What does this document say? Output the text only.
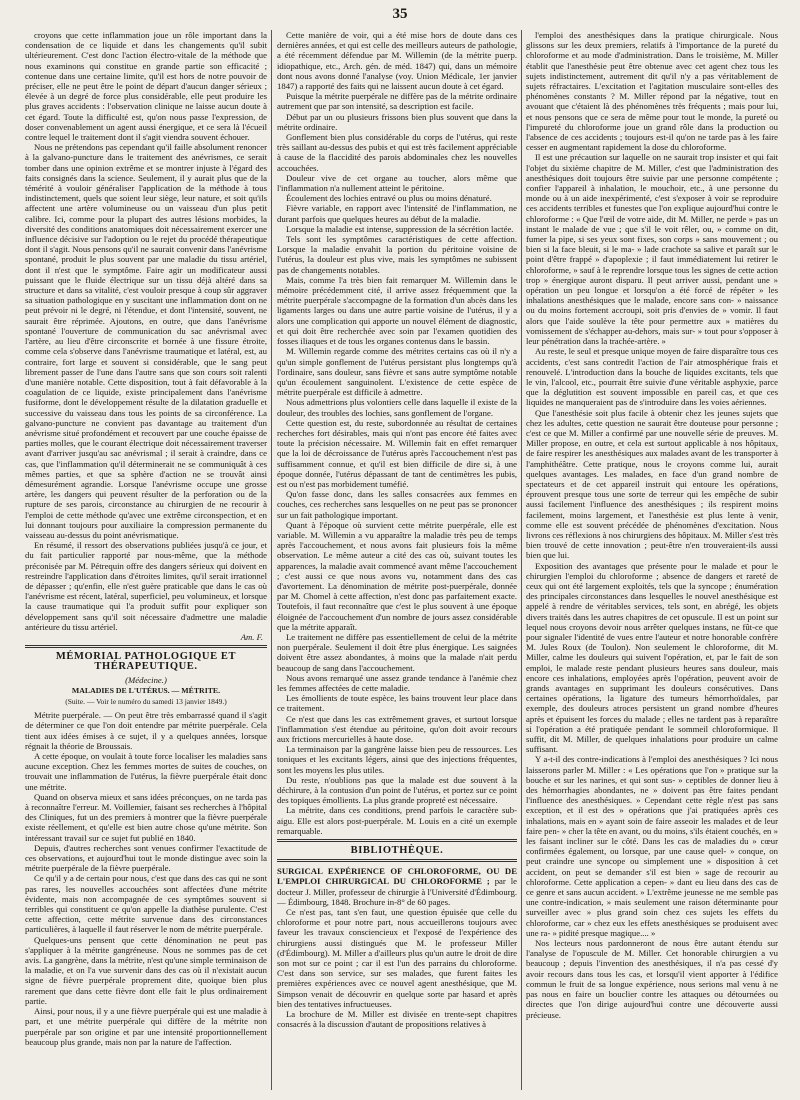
35

croyons que cette inflammation joue un rôle important dans la condensation de ce liquide et dans les changements qu'il subit ultérieurement. C'est donc l'action électro-vitale de la méthode que nous examinons qui constitue en grande partie son efficacité ; contenue dans une certaine limite, qu'il est hors de notre pouvoir de préciser, elle ne peut être le point de départ d'aucun danger sérieux ; élevée à un degré de force plus considérable, elle peut produire les plus graves accidents : l'observation clinique ne laisse aucun doute à cet égard. Toute la difficulté est, qu'on nous passe l'expression, de doser convenablement un agent aussi énergique, et ce sera là l'écueil contre lequel le traitement dont il s'agit viendra souvent échouer.

Nous ne prétendons pas cependant qu'il faille absolument renoncer à la galvano-puncture dans le traitement des anévrismes, ce serait tomber dans une opinion extrême et se montrer injuste à l'égard des faits consignés dans la science. Seulement, il y aurait plus que de la témérité à vouloir généraliser l'application de la méthode à tous indistinctement, quels que soient leur siège, leur nature, et soit qu'ils affectent une artère volumineuse ou un vaisseau d'un plus petit calibre. Ici, comme pour la plupart des autres lésions morbides, la diversité des conditions anatomiques doit nécessairement exercer une influence décisive sur l'adoption ou le rejet du procédé thérapeutique dont il s'agit. Nous pensons qu'il ne saurait convenir dans l'anévrisme spontané, produit le plus souvent par une maladie du tissu artériel, dont il n'est que le symptôme. Faire agir un modificateur aussi puissant que le fluide électrique sur un tissu déjà altéré dans sa structure et dans sa vitalité, c'est vouloir presque à coup sûr aggraver sa situation pathologique en y suscitant une inflammation dont on ne peut prévoir ni le degré, ni l'étendue, et dont l'intensité, souvent, ne saurait être réprimée. Ajoutons, en outre, que dans l'anévrisme spontané l'ouverture de communication du sac anévrismal avec l'artère, au lieu d'être circonscrite et bornée à une fissure étroite, comme cela s'observe dans l'anévrisme traumatique et latéral, est, au contraire, fort large et souvent si considérable, que le sang peut librement passer de l'une dans l'autre sans que son cours soit ralenti d'une manière notable. Cette disposition, tout à fait défavorable à la coagulation de ce liquide, existe principalement dans l'anévrisme fusiforme, dont le développement résulte de la dilatation graduelle et successive du vaisseau dans tous les points de sa circonférence. La galvano-puncture ne convient pas davantage au traitement d'un anévrisme situé profondément et recouvert par une couche épaisse de parties molles, que le courant électrique doit nécessairement traverser avant d'arriver jusqu'au sac anévrismal ; il serait à craindre, dans ce cas, que l'inflammation qu'il déterminerait ne se communiquât à ces mêmes parties, et que sa sphère d'action ne se trouvât ainsi démesurément agrandie. Lorsque l'anévrisme occupe une grosse artère, les dangers qui peuvent résulter de la perforation ou de la rupture de ses parois, circonstance au chirurgien de ne recourir à l'emploi de cette méthode qu'avec une extrême circonspection, et en lui donnant toujours pour auxiliaire la compression permanente du vaisseau au-dessus du point anévrismatique.

En résumé, il ressort des observations publiées jusqu'à ce jour, et du fait particulier rapporté par nous-même, que la méthode préconisée par M. Pétrequin offre des dangers sérieux qui doivent en restreindre l'application dans d'étroites limites, qu'il serait irrationnel de dépasser ; qu'enfin, elle n'est guère praticable que dans le cas où l'anévrisme est récent, latéral, superficiel, peu volumineux, et lorsque la cause traumatique qui l'a produit suffit pour expliquer son développement sans qu'il soit nécessaire d'admettre une maladie antérieure du tissu artériel.

Am. F.
MÉMORIAL PATHOLOGIQUE ET THÉRAPEUTIQUE.
(Médecine.)
MALADIES DE L'UTÉRUS. — MÉTRITE.
(Suite. — Voir le numéro du samedi 13 janvier 1849.)

Métrite puerpérale. — On peut être très embarrassé quand il s'agit de déterminer ce que l'on doit entendre par métrite puerpérale. Cela tient aux idées émises à ce sujet, il y a quelques années, lorsque régnait la théorie de Broussais.

A cette époque, on voulait à toute force localiser les maladies sans aucune exception. Chez les femmes mortes de suites de couches, on trouvait une inflammation de l'utérus, la fièvre puerpérale était donc une métrite.

Quand on observa mieux et sans idées préconçues, on ne tarda pas à reconnaître l'erreur. M. Voillemier, faisant ses recherches à l'hôpital des Cliniques, fut un des premiers à montrer que la fièvre puerpérale existe réellement, et qu'elle est bien autre chose qu'une métrite. Son intéressant travail sur ce sujet fut publié en 1840.

Depuis, d'autres recherches sont venues confirmer l'exactitude de ces observations, et aujourd'hui tout le monde distingue avec soin la métrite puerpérale de la fièvre puerpérale.

Ce qu'il y a de certain pour nous, c'est que dans des cas qui ne sont pas rares, les nouvelles accouchées sont affectées d'une métrite évidente, mais non accompagnée de ces symptômes souvent si terribles qui constituent ce qu'on appelle la diathèse purulente. C'est cette affection, cette métrite survenue dans des circonstances particulières, à laquelle il faut réserver le nom de métrite puerpérale.

Quelques-uns pensent que cette dénomination ne peut pas s'appliquer à la métrite gangréneuse. Nous ne sommes pas de cet avis. La gangrène, dans la métrite, n'est qu'une simple terminaison de la maladie, et on l'a vue survenir dans des cas où il n'existait aucun signe de fièvre puerpérale proprement dite, quoique bien plus rarement que dans cette fièvre dont elle fait le plus ordinairement partie.

Ainsi, pour nous, il y a une fièvre puerpérale qui est une maladie à part, et une métrite puerpérale qui diffère de la métrite non puerpérale par son origine et par une intensité proportionnellement beaucoup plus grande, mais non par la nature de l'affection.

Cette manière de voir, qui a été mise hors de doute dans ces dernières années, et qui est celle des meilleurs auteurs de pathologie, a été récemment défendue par M. Willemin (de la métrite puerp. idiopathique, etc., Arch. gén. de méd. 1847) qui, dans un mémoire dont nous avons donné l'analyse (voy. Union Médicale, 1er janvier 1847) a rapporté des faits qui ne laissent aucun doute à cet égard.

Puisque la métrite puerpérale ne diffère pas de la métrite ordinaire autrement que par son intensité, sa description est facile.

Début par un ou plusieurs frissons bien plus souvent que dans la métrite ordinaire.

Gonflement bien plus considérable du corps de l'utérus, qui reste très saillant au-dessus des pubis et qui est très facilement appréciable à cause de la flaccidité des parois abdominales chez les nouvelles accouchées.

Douleur vive de cet organe au toucher, alors même que l'inflammation n'a nullement atteint le péritoine.

Écoulement des lochies entravé ou plus ou moins dénaturé.

Fièvre variable, en rapport avec l'intensité de l'inflammation, ne durant parfois que quelques heures au début de la maladie.

Lorsque la maladie est intense, suppression de la sécrétion lactée.

Tels sont les symptômes caractéristiques de cette affection. Lorsque la maladie envahit la portion du péritoine voisine de l'utérus, la douleur est plus vive, mais les symptômes ne subissent pas de changements notables.

Mais, comme l'a très bien fait remarquer M. Willemin dans le mémoire précédemment cité, il arrive assez fréquemment que la métrite puerpérale s'accompagne de la formation d'un abcès dans les ligaments larges ou dans une autre partie voisine de l'utérus, il y a alors une complication qui apporte un nouvel élément de diagnostic, et qui doit être recherchée avec soin par l'examen quotidien des fosses iliaques et de tous les organes contenus dans le bassin.

M. Willemin regarde comme des métrites certains cas où il n'y a qu'un simple gonflement de l'utérus persistant plus longtemps qu'à l'ordinaire, sans douleur, sans fièvre et sans autre symptôme notable qu'un écoulement sanguinolent. L'existence de cette espèce de métrite puerpérale est difficile à admettre.

Nous admettrions plus volontiers celle dans laquelle il existe de la douleur, des troubles des lochies, sans gonflement de l'organe.

Cette question est, du reste, subordonnée au résultat de certaines recherches fort désirables, mais qui n'ont pas encore été faites avec toute la précision nécessaire. M. Willemin fait en effet remarquer que la loi de décroissance de l'utérus après l'accouchement n'est pas suffisamment connue, et qu'il est bien difficile de dire si, à une époque donnée, l'utérus dépassant de tant de centimètres les pubis, est ou n'est pas morbidement tuméfié.

Qu'on fasse donc, dans les salles consacrées aux femmes en couches, ces recherches sans lesquelles on ne peut pas se prononcer sur un fait pathologique important.

Quant à l'époque où survient cette métrite puerpérale, elle est variable. M. Willemin a vu apparaître la maladie très peu de temps après l'accouchement, et nous avons fait plusieurs fois la même observation. Le même auteur a cité des cas où, suivant toutes les apparences, la maladie avait commencé avant même l'accouchement ; c'est aussi ce que nous avons vu, notamment dans des cas d'avortement. La dénomination de métrite post-puerpérale, donnée par M. Chomel à cette affection, n'est donc pas parfaitement exacte. Toutefois, il faut reconnaître que c'est le plus souvent à une époque éloignée de l'accouchement d'un nombre de jours assez considérable que la métrite apparaît.

Le traitement ne diffère pas essentiellement de celui de la métrite non puerpérale. Seulement il doit être plus énergique. Les saignées doivent être assez abondantes, à moins que la malade n'ait perdu beaucoup de sang dans l'accouchement.

Nous avons remarqué une assez grande tendance à l'anémie chez les femmes affectées de cette maladie.

Les émollients de toute espèce, les bains trouvent leur place dans ce traitement.

Ce n'est que dans les cas extrêmement graves, et surtout lorsque l'inflammation s'est étendue au péritoine, qu'on doit avoir recours aux frictions mercurielles à haute dose.

La terminaison par la gangrène laisse bien peu de ressources. Les toniques et les excitants légers, ainsi que des injections fréquentes, sont les moyens les plus utiles.

Du reste, n'oublions pas que la malade est due souvent à la déchirure, à la contusion d'un point de l'utérus, et portez sur ce point des topiques émollients. La plus grande propreté est nécessaire.

La métrite, dans ces conditions, prend parfois le caractère sub-aigu. Elle est alors post-puerpérale. M. Louis en a cité un exemple remarquable.

BIBLIOTHÈQUE.

SURGICAL EXPÉRIENCE OF CHLOROFORME, OU DE L'EMPLOI CHIRURGICAL DU CHLOROFORME ; par le docteur J. Miller, professeur de chirurgie à l'Université d'Édimbourg. — Édimbourg, 1848. Brochure in-8° de 60 pages.

Ce n'est pas, tant s'en faut, une question épuisée que celle du chloroforme et pour notre part, nous accueillerons toujours avec faveur les travaux consciencieux et l'exposé de l'expérience des chirurgiens aussi distingués que M. le professeur Miller (d'Édimbourg). M. Miller a d'ailleurs plus qu'un autre le droit de dire son mot sur ce point ; car il est l'un des parrains du chloroforme. C'est dans son service, sur ses malades, que furent faites les premières expériences avec ce nouvel agent anesthésique, que M. Simpson venait de découvrir en quelque sorte par hasard et après bien des tentatives infructueuses.

La brochure de M. Miller est divisée en trente-sept chapitres consacrés à la discussion d'autant de propositions relatives à

l'emploi des anesthésiques dans la pratique chirurgicale. Nous glissons sur les deux premiers, relatifs à l'importance de la pureté du chloroforme et au mode d'administration. Dans le troisième, M. Miller établit que l'anesthésie peut être obtenue avec cet agent chez tous les sujets indistinctement, autrement dit qu'il n'y a pas véritablement de sujets réfractaires. L'excitation et l'agitation musculaire sont-elles des phénomènes constants ? M. Miller répond par la négative, tout en avouant que c'étaient là des phénomènes très fréquents ; mais pour lui, et nous pensons que ce sera de même pour tout le monde, la pureté ou l'impureté du chloroforme joue un grand rôle dans la production ou l'absence de ces accidents ; toujours est-il qu'on ne tarde pas à les faire cesser en augmentant rapidement la dose du chloroforme.

Il est une précaution sur laquelle on ne saurait trop insister et qui fait l'objet du sixième chapitre de M. Miller, c'est que l'administration des anesthésiques doit toujours être suivie par une personne compétente ; confier l'appareil à inhalation, le mouchoir, etc., à une personne du monde ou à un aide inexpérimenté, c'est s'exposer à voir se reproduire ces accidents terribles et funestes que l'on explique aujourd'hui contre le chloroforme : « Que l'œil de votre aide, dit M. Miller, ne perde » pas un instant le malade de vue ; que s'il le voit rêler, ou, » comme on dit, fumer la pipe, si ses yeux sont fixes, son corps » sans mouvement ; ou bien si la face bleuit, si le ma- » lade crachote sa salive et paraît sur le point d'être frappé » d'apoplexie ; il faut immédiatement lui retirer le chloroforme, » sauf à le reprendre lorsque tous les signes de cette action trop » énergique auront disparu. Il peut arriver aussi, pendant une » opération un peu longue et lorsqu'on a été forcé de répéter » les inhalations anesthésiques que le malade, encore sans con- » naissance ou du moins fortement accroupi, soit pris d'envies de » vomir. Il faut alors que l'aide soulève la tête pour permettre aux » matières du vomissement de s'échapper au-dehors, mais sur- » tout pour s'opposer à leur pénétration dans la trachée-artère. »

Au reste, le seul et presque unique moyen de faire disparaître tous ces accidents, c'est sans contredit l'action de l'air atmosphérique frais et renouvelé. L'introduction dans la bouche de liquides excitants, tels que le vin, l'alcool, etc., pourrait être suivie d'une véritable asphyxie, parce que la déglutition est souvent impossible en pareil cas, et que ces liquides ne manqueraient pas de s'introduire dans les voies aériennes.

Que l'anesthésie soit plus facile à obtenir chez les jeunes sujets que chez les adultes, cette question ne saurait être douteuse pour personne ; c'est ce que M. Miller a confirmé par une nouvelle série de preuves. M. Miller propose, en outre, et cela est surtout applicable à nos hôpitaux, de faire respirer les anesthésiques aux malades avant de les transporter à l'amphithéâtre. Cette pratique, nous le croyons comme lui, aurait quelques avantages. Les malades, en face d'un grand nombre de spectateurs et de cet appareil instruit qui entoure les opérations, éprouvent presque tous une sorte de terreur qui les empêche de subir aussi facilement l'influence des anesthésiques ; ils respirent moins facilement, moins largement, et l'anesthésie est plus lente à venir, comme elle est souvent précédée de phénomènes d'excitation. Nous livrons ces réflexions à nos chirurgiens des hôpitaux. M. Miller s'est très bien trouvé de cette innovation ; peut-être n'en trouveraient-ils aussi bien que lui.

Exposition des avantages que présente pour le malade et pour le chirurgien l'emploi du chloroforme ; absence de dangers et rareté de ceux qui ont été largement exploités, tels que la syncope ; énumération des principales circonstances dans lesquelles le nouvel anesthésique est appelé à rendre de véritables services, tels sont, en abrégé, les objets divers traités dans les autres chapitres de cet opuscule. Il est un point sur lequel nous croyons devoir nous arrêter quelques instans, ne fût-ce que pour signaler l'identité de vues entre l'auteur et notre honorable confrère M. Jules Roux (de Toulon). Non seulement le chloroforme, dit M. Miller, calme les douleurs qui suivent l'opération, et, par le fait de son emploi, le malade reste pendant plusieurs heures sans douleur, mais encore ces inhalations, employées après l'opération, peuvent avoir de grands avantages en supprimant les douleurs consécutives. Dans certaines opérations, la ligature des tumeurs hémorrhoïdales, par exemple, des douleurs atroces persistent un grand nombre d'heures après et épuisent les forces du malade ; elles ne tardent pas à reparaître si l'opération a été pratiquée pendant le sommeil chloroformique. Il suffit, dit M. Miller, de quelques inhalations pour produire un calme suffisant.

Y a-t-il des contre-indications à l'emploi des anesthésiques ? Ici nous laisserons parler M. Miller : « Les opérations que l'on » pratique sur la bouche et sur les narines, et qui sont sus- » ceptibles de donner lieu à des hémorrhagies abondantes, ne » doivent pas être faites pendant l'influence des anesthésiques. » Cependant cette règle n'est pas sans exception, et il est des » opérations que j'ai pratiquées après ces inhalations, mais en » ayant soin de faire asseoir les malades et de leur faire pen- » cher la tête en avant, ou du moins, s'ils étaient couchés, en » les faisant incliner sur le côté. Dans les cas de maladies du » cœur confirmées également, ou lorsque, par une cause quel- » conque, on peut craindre une syncope ou simplement une » disposition à cet accident, on peut se demander s'il est bien » sage de recourir au chloroforme. Cette application a cepen- » dant eu lieu dans des cas de ce genre et sans aucun accident. » L'extrême jeunesse ne me semble pas une contre-indication, » mais seulement une raison déterminante pour surveiller avec » plus grand soin chez ces sujets les effets du chloroforme, car » chez eux les effets anesthésiques se produisent avec une ra- » pidité presque magique.... »

Nos lecteurs nous pardonneront de nous être autant étendu sur l'analyse de l'opuscule de M. Miller. Cet honorable chirurgien a vu beaucoup ; depuis l'invention des anesthésiques, il n'a pas cessé d'y avoir recours dans tous les cas, et lorsqu'il vient apporter à l'édifice commun le fruit de sa longue expérience, nous serions mal venu à ne pas nous en faire un bouclier contre les attaques ou détournées ou directes que l'on dirige aujourd'hui contre une découverte aussi précieuse.
